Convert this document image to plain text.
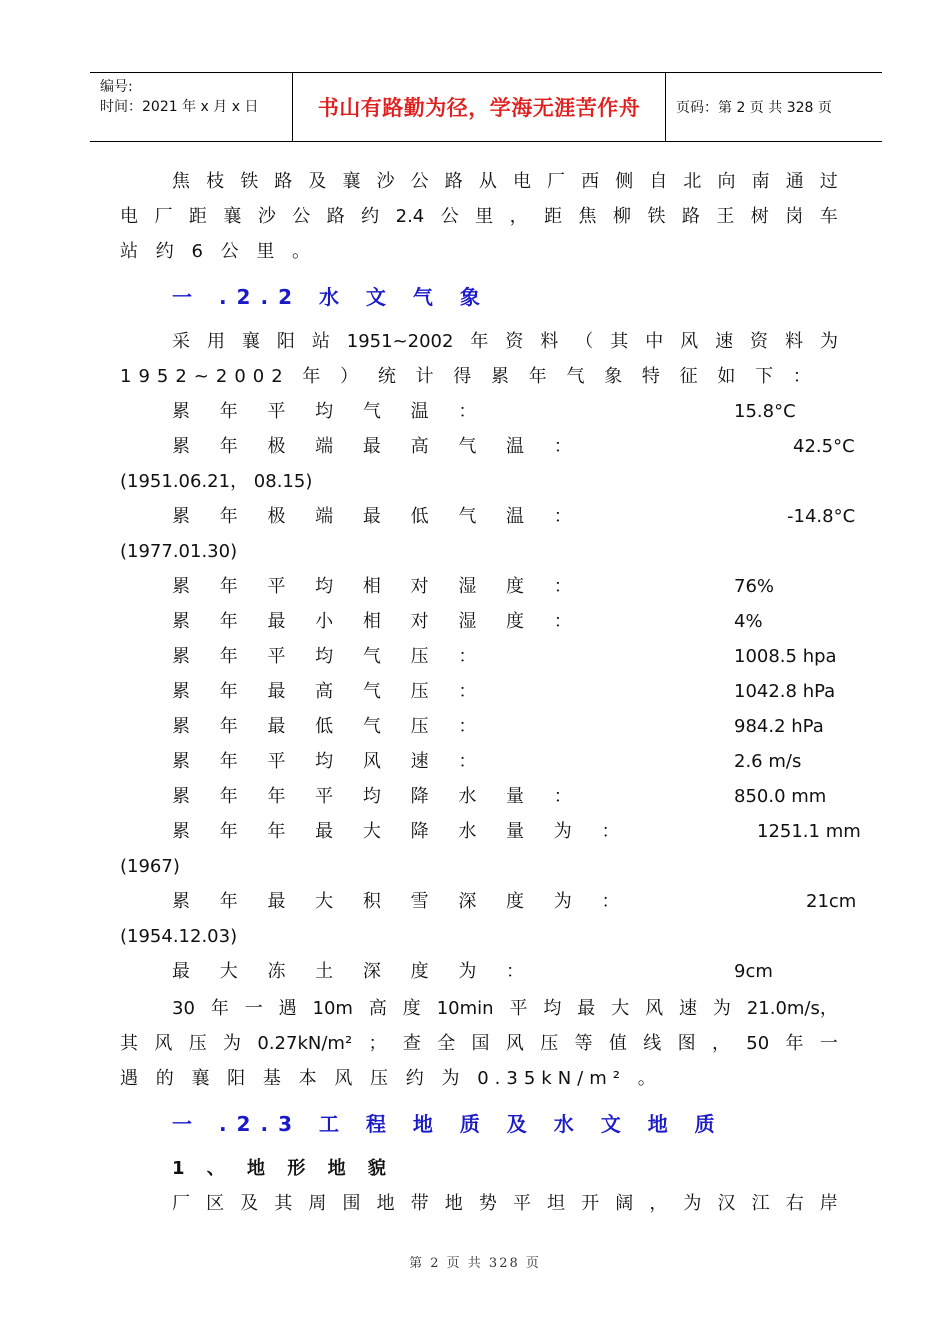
编号:
时间：2021 年 x 月 x 日	书山有路勤为径，学海无涯苦作舟	页码：第 2 页 共 328 页
焦 枝 铁 路 及 襄 沙 公 路 从 电 厂 西 侧 自 北 向 南 通 过
电 厂 距 襄 沙 公 路 约 2.4 公 里 ， 距 焦 柳 铁 路 王 树 岗 车
站 约 6 公 里 。
一 .2.2 水 文 气 象
采 用 襄 阳 站 1951~2002 年 资 料 （ 其 中 风 速 资 料 为
1952~2002 年 ） 统 计 得 累 年 气 象 特 征 如 下 ：
累 年 平 均 气 温 ：	15.8°C
累 年 极 端 最 高 气 温 ：	42.5°C
(1951.06.21， 08.15)
累 年 极 端 最 低 气 温 ：	-14.8°C
(1977.01.30)
累 年 平 均 相 对 湿 度 ：	76%
累 年 最 小 相 对 湿 度 ：	4%
累 年 平 均 气 压 ：	1008.5 hpa
累 年 最 高 气 压 ：	1042.8 hPa
累 年 最 低 气 压 ：	984.2 hPa
累 年 平 均 风 速 ：	2.6 m/s
累 年 年 平 均 降 水 量 ：	850.0 mm
累 年 年 最 大 降 水 量 为 ：	1251.1 mm
(1967)
累 年 最 大 积 雪 深 度 为 ：	21cm
(1954.12.03)
最 大 冻 土 深 度 为 ：	9cm
30 年 一 遇 10m 高 度 10min 平 均 最 大 风 速 为 21.0m/s，
其 风 压 为 0.27kN/m² ； 查 全 国 风 压 等 值 线 图 ， 50 年 一
遇 的 襄 阳 基 本 风 压 约 为 0.35kN/m² 。
一 .2.3 工 程 地 质 及 水 文 地 质
1 、 地 形 地 貌
厂 区 及 其 周 围 地 带 地 势 平 坦 开 阔 ， 为 汉 江 右 岸
第 2 页 共 328 页
